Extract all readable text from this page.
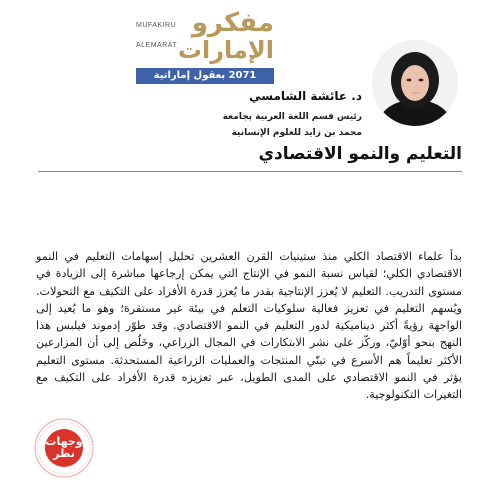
MUFAKIRU
ALEMARAT
مفكرو
الإمارات
2071 بعقول إماراتية
د. عائشة الشامسي
رئيس قسم اللغة العربية بجامعة
محمد بن زايد للعلوم الإنسانية
التعليم والنمو الاقتصادي
بدأ علماء الاقتصاد الكلي منذ ستينيات القرن العشرين تحليل إسهامات التعليم في النمو الاقتصادي الكلي؛ لقياس نسبة النمو في الإنتاج التي يمكن إرجاعها مباشرة إلى الزيادة في مستوى التدريب. التعليم لا يُعزز الإنتاجية بقدر ما يُعزز قدرة الأفراد على التكيف مع التحولات. ويُسهم التعليم في تعزيز فعالية سلوكيات التعلم في بيئة غير مستقرة؛ وهو ما يُعيد إلى الواجهة رؤيةً أكثر ديناميكية لدور التعليم في النمو الاقتصادي. وقد طوّر إدموند فيلبس هذا النهج بنحو أوّليّ، وركّز على نشر الابتكارات في المجال الزراعي، وخَلُص إلى أن المزارعين الأكثر تعليماً هم الأسرع في تبنّي المنتجات والعمليات الزراعية المستحدثة. مستوى التعليم يؤثر في النمو الاقتصادي على المدى الطويل، عبر تعزيزه قدرة الأفراد على التكيف مع التغيرات التكنولوجية.
وجهات
نظر
